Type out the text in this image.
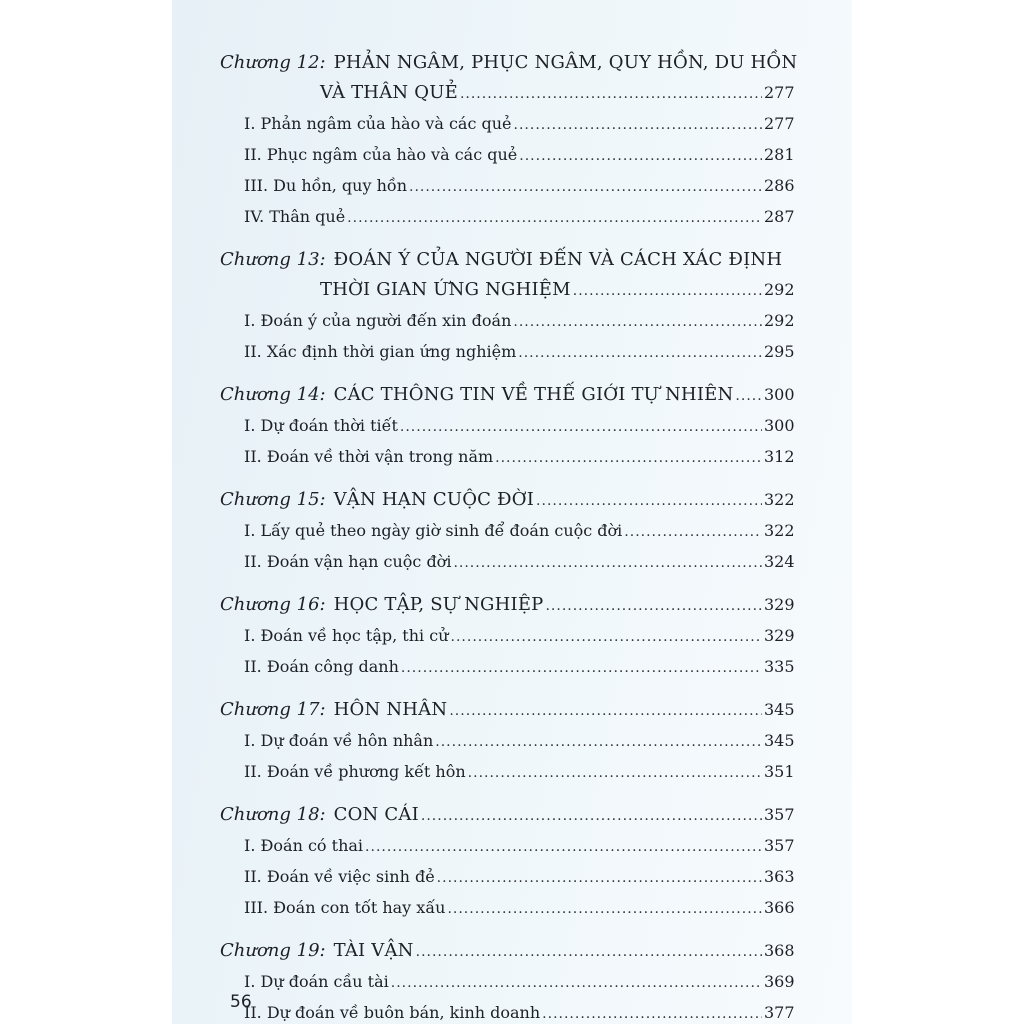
Chương 12: PHẢN NGÂM, PHỤC NGÂM, QUY HỒN, DU HỒN
VÀ THÂN QUẺ .....	277
I. Phản ngâm của hào và các quẻ .....	277
II. Phục ngâm của hào và các quẻ .....	281
III. Du hồn, quy hồn .....	286
IV. Thân quẻ .....	287
Chương 13: ĐOÁN Ý CỦA NGƯỜI ĐẾN VÀ CÁCH XÁC ĐỊNH
THỜI GIAN ỨNG NGHIỆM .....	292
I. Đoán ý của người đến xin đoán .....	292
II. Xác định thời gian ứng nghiệm .....	295
Chương 14: CÁC THÔNG TIN VỀ THẾ GIỚI TỰ NHIÊN ..... 300
I. Dự đoán thời tiết .....	300
II. Đoán về thời vận trong năm .....	312
Chương 15: VẬN HẠN CUỘC ĐỜI .....	322
I. Lấy quẻ theo ngày giờ sinh để đoán cuộc đời .....	322
II. Đoán vận hạn cuộc đời .....	324
Chương 16: HỌC TẬP, SỰ NGHIỆP .....	329
I. Đoán về học tập, thi cử .....	329
II. Đoán công danh .....	335
Chương 17: HÔN NHÂN .....	345
I. Dự đoán về hôn nhân .....	345
II. Đoán về phương kết hôn .....	351
Chương 18: CON CÁI .....	357
I. Đoán có thai .....	357
II. Đoán về việc sinh đẻ .....	363
III. Đoán con tốt hay xấu .....	366
Chương 19: TÀI VẬN .....	368
I. Dự đoán cầu tài .....	369
II. Dự đoán về buôn bán, kinh doanh .....	377
56
